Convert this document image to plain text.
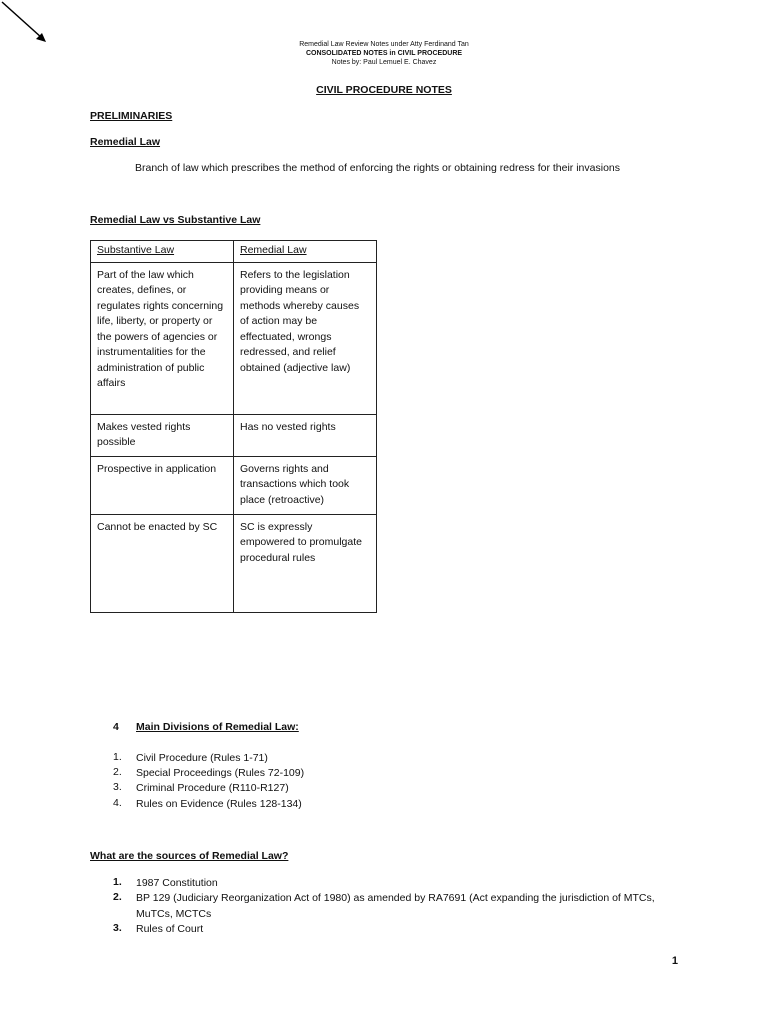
Remedial Law Review Notes under Atty Ferdinand Tan
CONSOLIDATED NOTES in CIVIL PROCEDURE
Notes by: Paul Lemuel E. Chavez
CIVIL PROCEDURE NOTES
PRELIMINARIES
Remedial Law
Branch of law which prescribes the method of enforcing the rights or obtaining redress for their invasions
Remedial Law vs Substantive Law
Substantive Law	Remedial Law
Part of the law which creates, defines, or regulates rights concerning life, liberty, or property or the powers of agencies or instrumentalities for the administration of public affairs	Refers to the legislation providing means or methods whereby causes of action may be effectuated, wrongs redressed, and relief obtained (adjective law)
Makes vested rights possible	Has no vested rights
Prospective in application	Governs rights and transactions which took place (retroactive)
Cannot be enacted by SC	SC is expressly empowered to promulgate procedural rules
4 Main Divisions of Remedial Law:
1.	Civil Procedure (Rules 1-71)
2.	Special Proceedings (Rules 72-109)
3.	Criminal Procedure (R110-R127)
4.	Rules on Evidence (Rules 128-134)
What are the sources of Remedial Law?
1.	1987 Constitution
2.	BP 129 (Judiciary Reorganization Act of 1980) as amended by RA7691 (Act expanding the jurisdiction of MTCs, MuTCs, MCTCs
3.	Rules of Court
1
